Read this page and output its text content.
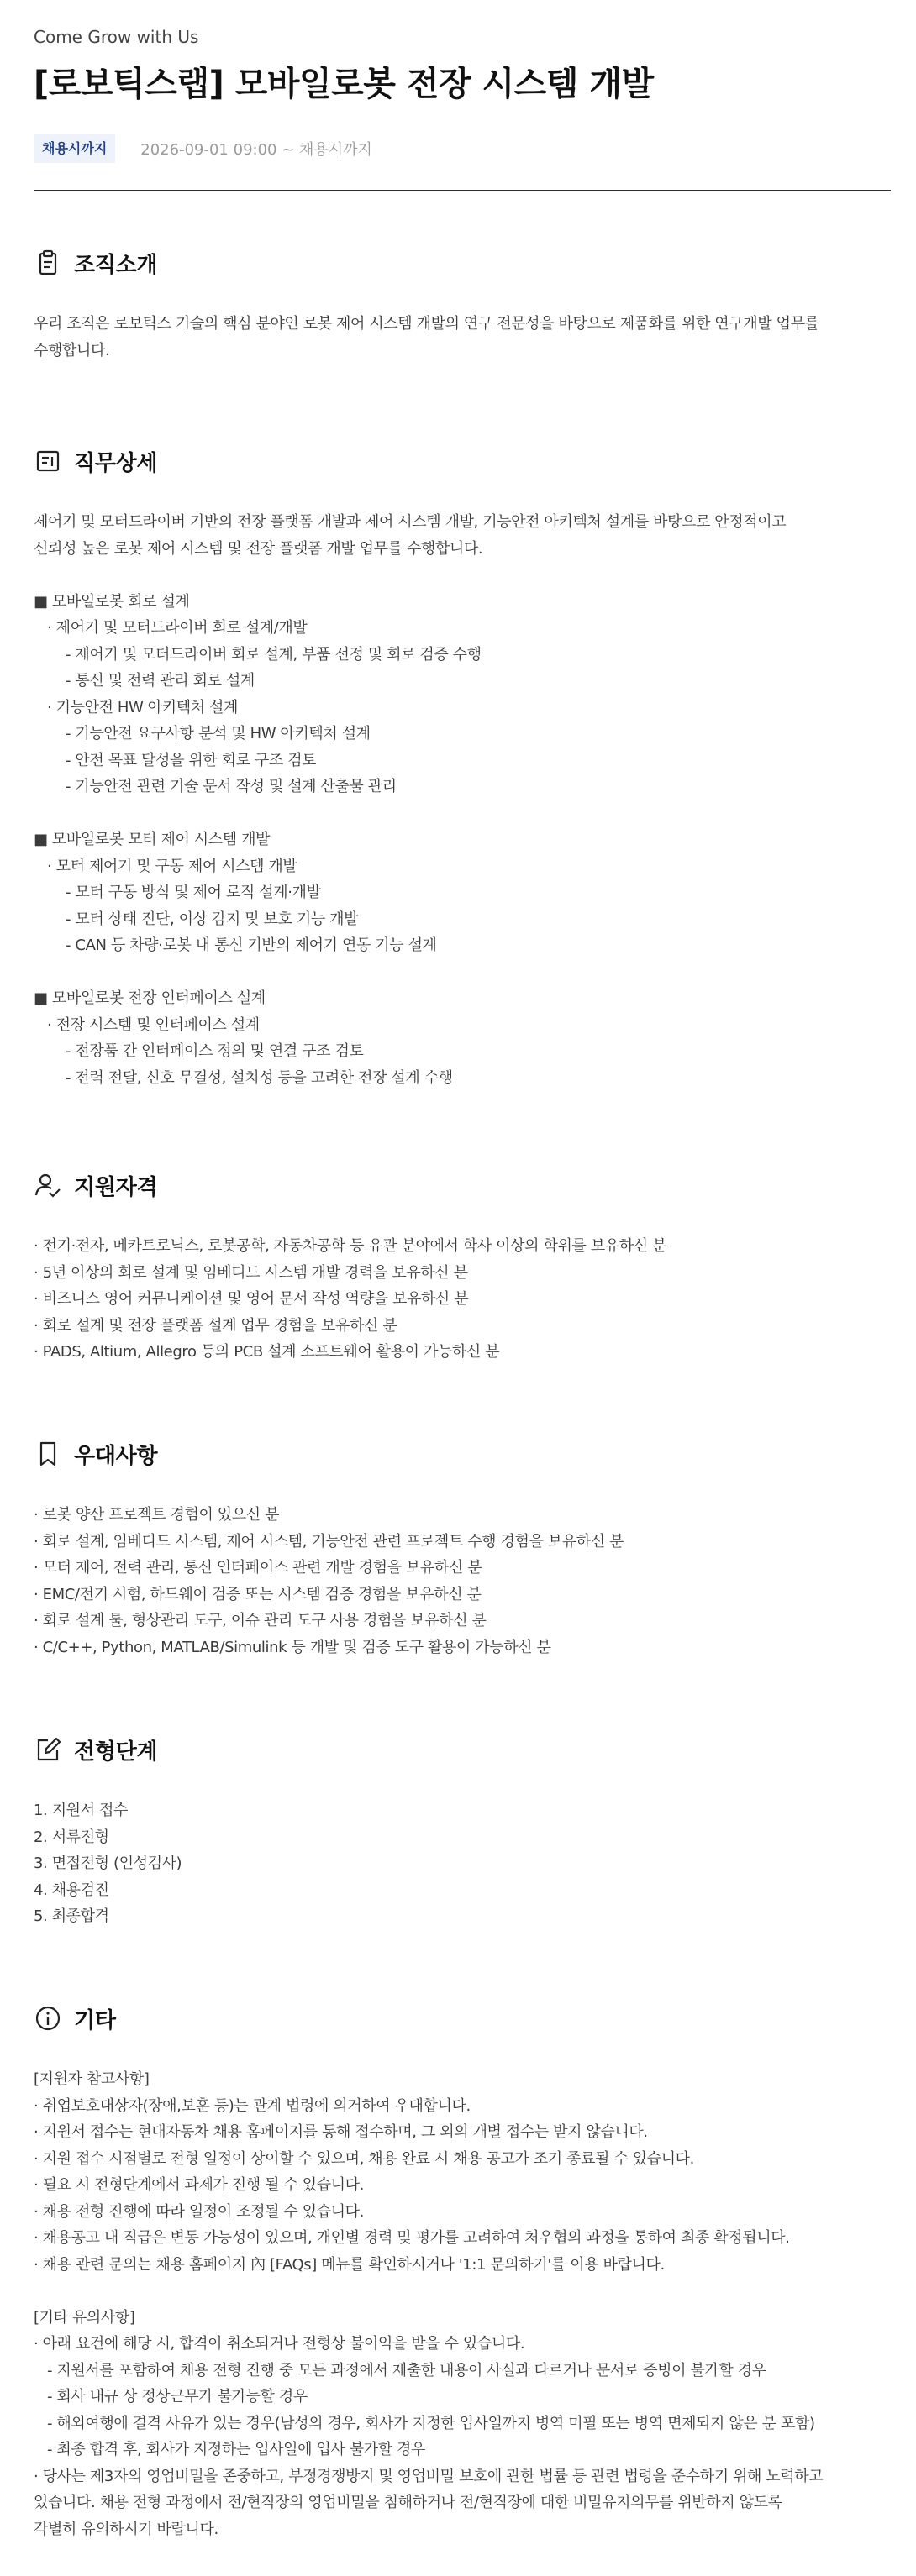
Come Grow with Us
[로보틱스랩] 모바일로봇 전장 시스템 개발
채용시까지	2026-09-01 09:00 ~ 채용시까지
조직소개
우리 조직은 로보틱스 기술의 핵심 분야인 로봇 제어 시스템 개발의 연구 전문성을 바탕으로 제품화를 위한 연구개발 업무를
수행합니다.
직무상세
제어기 및 모터드라이버 기반의 전장 플랫폼 개발과 제어 시스템 개발, 기능안전 아키텍처 설계를 바탕으로 안정적이고
신뢰성 높은 로봇 제어 시스템 및 전장 플랫폼 개발 업무를 수행합니다.
■ 모바일로봇 회로 설계
· 제어기 및 모터드라이버 회로 설계/개발
- 제어기 및 모터드라이버 회로 설계, 부품 선정 및 회로 검증 수행
- 통신 및 전력 관리 회로 설계
· 기능안전 HW 아키텍처 설계
- 기능안전 요구사항 분석 및 HW 아키텍처 설계
- 안전 목표 달성을 위한 회로 구조 검토
- 기능안전 관련 기술 문서 작성 및 설계 산출물 관리
■ 모바일로봇 모터 제어 시스템 개발
· 모터 제어기 및 구동 제어 시스템 개발
- 모터 구동 방식 및 제어 로직 설계·개발
- 모터 상태 진단, 이상 감지 및 보호 기능 개발
- CAN 등 차량·로봇 내 통신 기반의 제어기 연동 기능 설계
■ 모바일로봇 전장 인터페이스 설계
· 전장 시스템 및 인터페이스 설계
- 전장품 간 인터페이스 정의 및 연결 구조 검토
- 전력 전달, 신호 무결성, 설치성 등을 고려한 전장 설계 수행
지원자격
· 전기·전자, 메카트로닉스, 로봇공학, 자동차공학 등 유관 분야에서 학사 이상의 학위를 보유하신 분
· 5년 이상의 회로 설계 및 임베디드 시스템 개발 경력을 보유하신 분
· 비즈니스 영어 커뮤니케이션 및 영어 문서 작성 역량을 보유하신 분
· 회로 설계 및 전장 플랫폼 설계 업무 경험을 보유하신 분
· PADS, Altium, Allegro 등의 PCB 설계 소프트웨어 활용이 가능하신 분
우대사항
· 로봇 양산 프로젝트 경험이 있으신 분
· 회로 설계, 임베디드 시스템, 제어 시스템, 기능안전 관련 프로젝트 수행 경험을 보유하신 분
· 모터 제어, 전력 관리, 통신 인터페이스 관련 개발 경험을 보유하신 분
· EMC/전기 시험, 하드웨어 검증 또는 시스템 검증 경험을 보유하신 분
· 회로 설계 툴, 형상관리 도구, 이슈 관리 도구 사용 경험을 보유하신 분
· C/C++, Python, MATLAB/Simulink 등 개발 및 검증 도구 활용이 가능하신 분
전형단계
1. 지원서 접수
2. 서류전형
3. 면접전형 (인성검사)
4. 채용검진
5. 최종합격
기타
[지원자 참고사항]
· 취업보호대상자(장애,보훈 등)는 관계 법령에 의거하여 우대합니다.
· 지원서 접수는 현대자동차 채용 홈페이지를 통해 접수하며, 그 외의 개별 접수는 받지 않습니다.
· 지원 접수 시점별로 전형 일정이 상이할 수 있으며, 채용 완료 시 채용 공고가 조기 종료될 수 있습니다.
· 필요 시 전형단계에서 과제가 진행 될 수 있습니다.
· 채용 전형 진행에 따라 일정이 조정될 수 있습니다.
· 채용공고 내 직급은 변동 가능성이 있으며, 개인별 경력 및 평가를 고려하여 처우협의 과정을 통하여 최종 확정됩니다.
· 채용 관련 문의는 채용 홈페이지 內 [FAQs] 메뉴를 확인하시거나 '1:1 문의하기'를 이용 바랍니다.
[기타 유의사항]
· 아래 요건에 해당 시, 합격이 취소되거나 전형상 불이익을 받을 수 있습니다.
- 지원서를 포함하여 채용 전형 진행 중 모든 과정에서 제출한 내용이 사실과 다르거나 문서로 증빙이 불가할 경우
- 회사 내규 상 정상근무가 불가능할 경우
- 해외여행에 결격 사유가 있는 경우(남성의 경우, 회사가 지정한 입사일까지 병역 미필 또는 병역 면제되지 않은 분 포함)
- 최종 합격 후, 회사가 지정하는 입사일에 입사 불가할 경우
· 당사는 제3자의 영업비밀을 존중하고, 부정경쟁방지 및 영업비밀 보호에 관한 법률 등 관련 법령을 준수하기 위해 노력하고
있습니다. 채용 전형 과정에서 전/현직장의 영업비밀을 침해하거나 전/현직장에 대한 비밀유지의무를 위반하지 않도록
각별히 유의하시기 바랍니다.
